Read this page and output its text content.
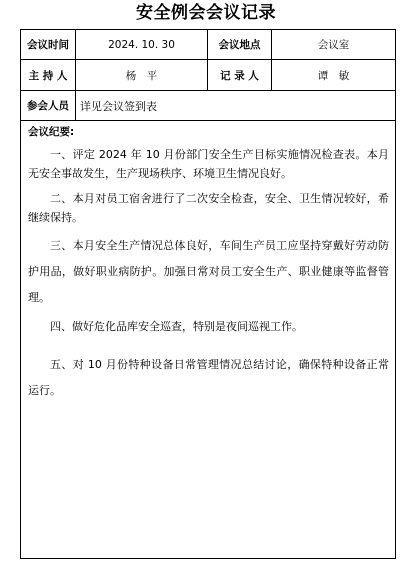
安全例会会议记录
会议时间	2024. 10. 30	会议地点	会议室
主 持 人	杨　平	记 录 人	谭　敏
参会人员	详见会议签到表
会议纪要:

一、评定 2024 年 10 月份部门安全生产目标实施情况检查表。本月无安全事故发生，生产现场秩序、环境卫生情况良好。

二、本月对员工宿舍进行了二次安全检查，安全、卫生情况较好，希继续保持。

三、本月安全生产情况总体良好，车间生产员工应坚持穿戴好劳动防护用品，做好职业病防护。加强日常对员工安全生产、职业健康等监督管理。

四、做好危化品库安全巡查，特别是夜间巡视工作。

五、对 10 月份特种设备日常管理情况总结讨论，确保特种设备正常运行。
